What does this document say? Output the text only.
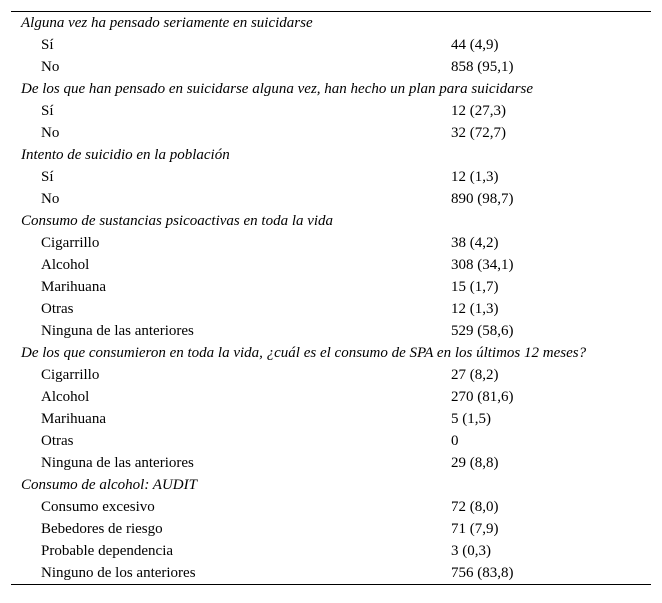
Alguna vez ha pensado seriamente en suicidarse	
Sí	44 (4,9)
No	858 (95,1)
De los que han pensado en suicidarse alguna vez, han hecho un plan para suicidarse	
Sí	12 (27,3)
No	32 (72,7)
Intento de suicidio en la población	
Sí	12 (1,3)
No	890 (98,7)
Consumo de sustancias psicoactivas en toda la vida	
Cigarrillo	38 (4,2)
Alcohol	308 (34,1)
Marihuana	15 (1,7)
Otras	12 (1,3)
Ninguna de las anteriores	529 (58,6)
De los que consumieron en toda la vida, ¿cuál es el consumo de SPA en los últimos 12 meses?	
Cigarrillo	27 (8,2)
Alcohol	270 (81,6)
Marihuana	5 (1,5)
Otras	0
Ninguna de las anteriores	29 (8,8)
Consumo de alcohol: AUDIT	
Consumo excesivo	72 (8,0)
Bebedores de riesgo	71 (7,9)
Probable dependencia	3 (0,3)
Ninguno de los anteriores	756 (83,8)
